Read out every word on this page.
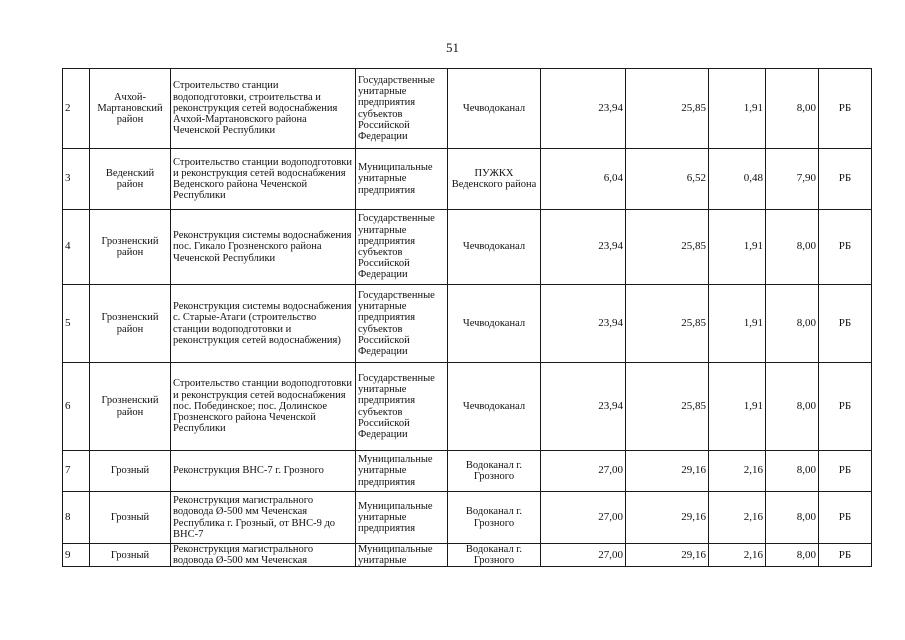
51
2	Ачхой-Мартановский район	Строительство станции водоподготовки, строительства и реконструкция сетей водоснабжения Ачхой-Мартановского района Чеченской Республики	Государственные унитарные предприятия субъектов Российской Федерации	Чечводоканал	23,94	25,85	1,91	8,00	РБ
3	Веденский район	Строительство станции водоподготовки и реконструкция сетей водоснабжения Веденского района Чеченской Республики	Муниципальные унитарные предприятия	ПУЖКХ Веденского района	6,04	6,52	0,48	7,90	РБ
4	Грозненский район	Реконструкция системы водоснабжения пос. Гикало Грозненского района Чеченской Республики	Государственные унитарные предприятия субъектов Российской Федерации	Чечводоканал	23,94	25,85	1,91	8,00	РБ
5	Грозненский район	Реконструкция системы водоснабжения с. Старые-Атаги (строительство станции водоподготовки и реконструкция сетей водоснабжения)	Государственные унитарные предприятия субъектов Российской Федерации	Чечводоканал	23,94	25,85	1,91	8,00	РБ
6	Грозненский район	Строительство станции водоподготовки и реконструкция сетей водоснабжения пос. Побединское; пос. Долинское Грозненского района Чеченской Республики	Государственные унитарные предприятия субъектов Российской Федерации	Чечводоканал	23,94	25,85	1,91	8,00	РБ
7	Грозный	Реконструкция ВНС-7 г. Грозного	Муниципальные унитарные предприятия	Водоканал г. Грозного	27,00	29,16	2,16	8,00	РБ
8	Грозный	Реконструкция магистрального водовода Ø-500 мм Чеченская Республика г. Грозный, от ВНС-9 до ВНС-7	Муниципальные унитарные предприятия	Водоканал г. Грозного	27,00	29,16	2,16	8,00	РБ
9	Грозный	Реконструкция магистрального водовода Ø-500 мм Чеченская	Муниципальные унитарные	Водоканал г. Грозного	27,00	29,16	2,16	8,00	РБ
